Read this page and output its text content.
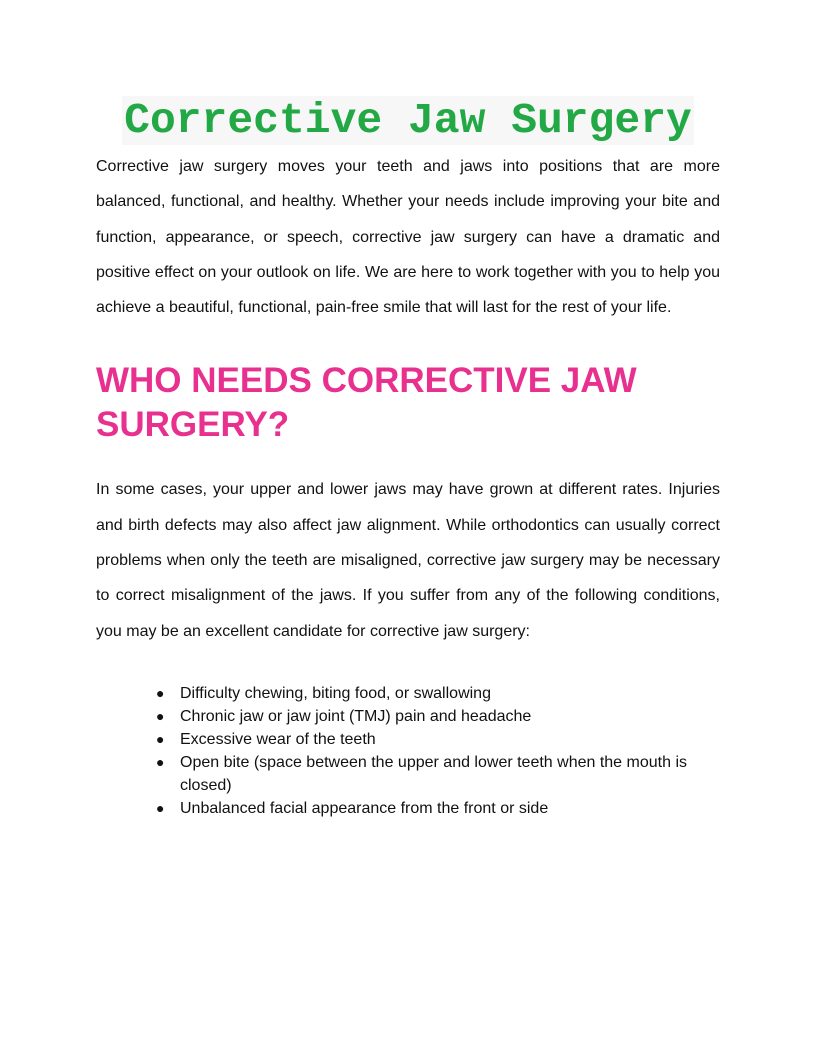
Corrective Jaw Surgery

Corrective jaw surgery moves your teeth and jaws into positions that are more balanced, functional, and healthy. Whether your needs include improving your bite and function, appearance, or speech, corrective jaw surgery can have a dramatic and positive effect on your outlook on life. We are here to work together with you to help you achieve a beautiful, functional, pain-free smile that will last for the rest of your life.

WHO NEEDS CORRECTIVE JAW SURGERY?

In some cases, your upper and lower jaws may have grown at different rates. Injuries and birth defects may also affect jaw alignment. While orthodontics can usually correct problems when only the teeth are misaligned, corrective jaw surgery may be necessary to correct misalignment of the jaws. If you suffer from any of the following conditions, you may be an excellent candidate for corrective jaw surgery:

● Difficulty chewing, biting food, or swallowing
● Chronic jaw or jaw joint (TMJ) pain and headache
● Excessive wear of the teeth
● Open bite (space between the upper and lower teeth when the mouth is closed)
● Unbalanced facial appearance from the front or side
